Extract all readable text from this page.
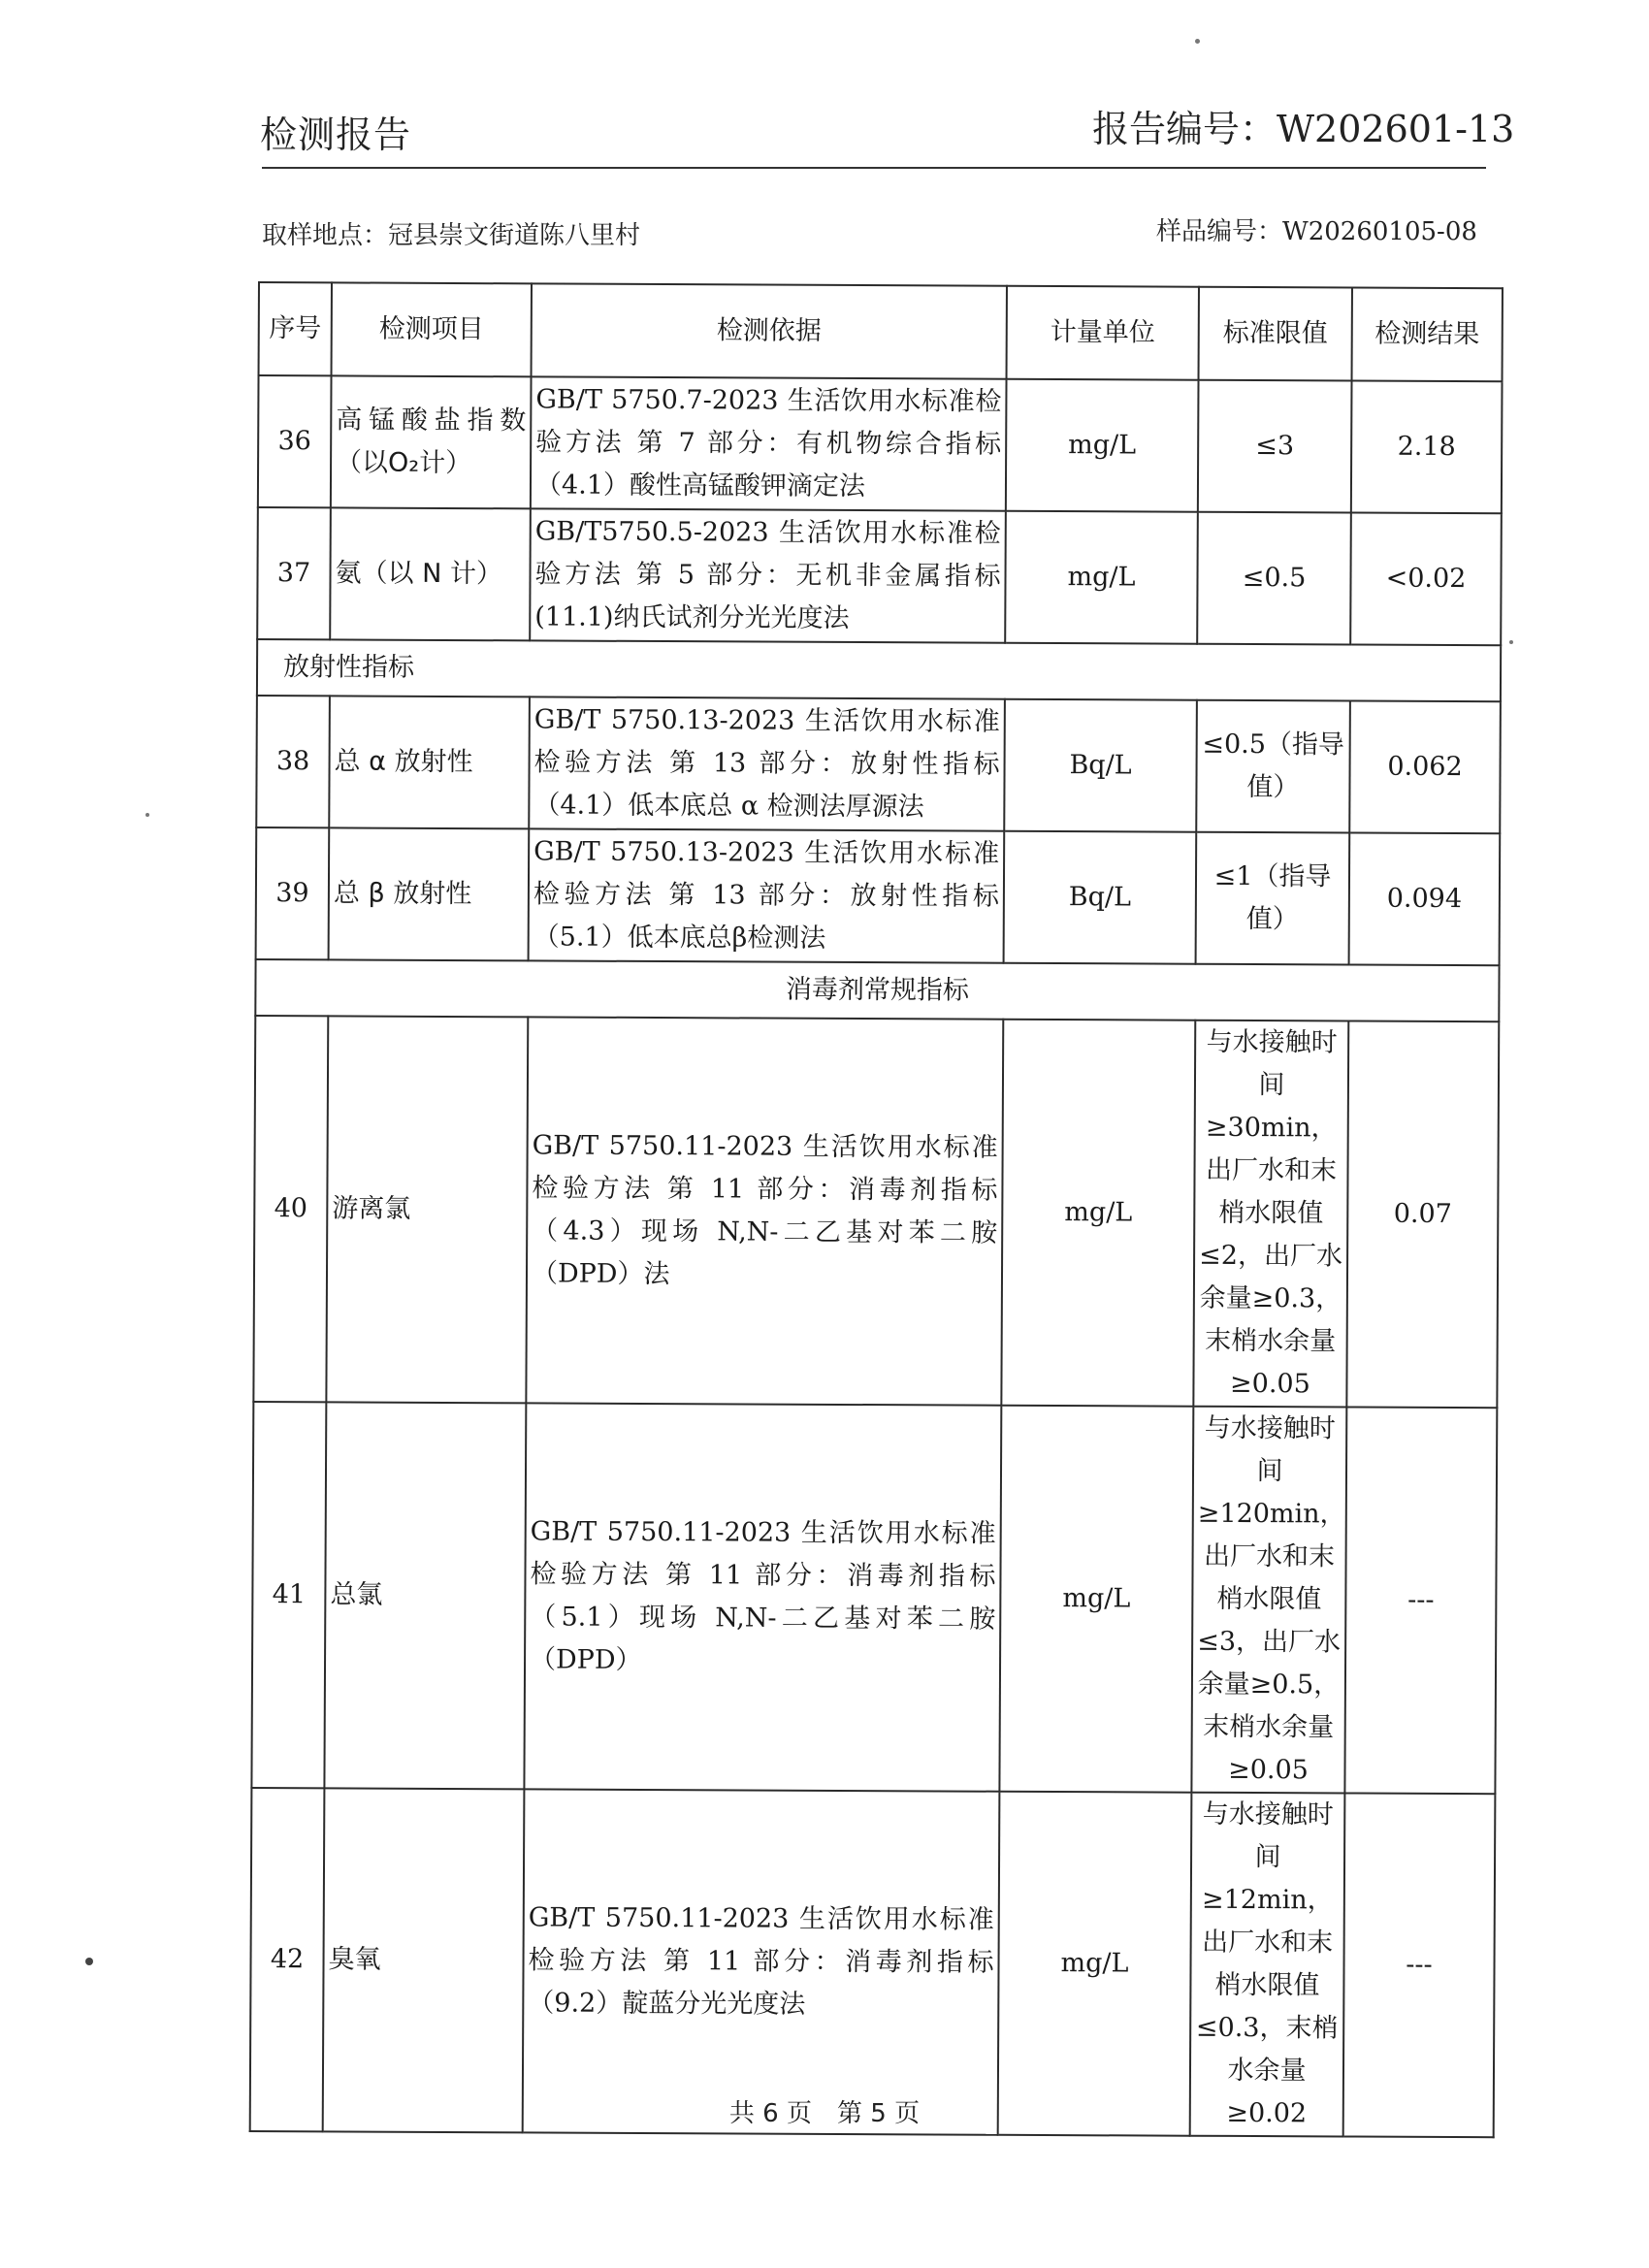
检测报告	报告编号：W202601-13
取样地点：冠县崇文街道陈八里村	样品编号：W20260105-08
序号	检测项目	检测依据	计量单位	标准限值	检测结果
36	高锰酸盐指数（以O₂计）	GB/T 5750.7-2023 生活饮用水标准检验方法 第 7 部分：有机物综合指标（4.1）酸性高锰酸钾滴定法	mg/L	≤3	2.18
37	氨（以 N 计）	GB/T5750.5-2023 生活饮用水标准检验方法 第 5 部分：无机非金属指标(11.1)纳氏试剂分光光度法	mg/L	≤0.5	<0.02
放射性指标					
38	总 α 放射性	GB/T 5750.13-2023 生活饮用水标准检验方法 第 13 部分：放射性指标（4.1）低本底总 α 检测法厚源法	Bq/L	≤0.5（指导值）	0.062
39	总 β 放射性	GB/T 5750.13-2023 生活饮用水标准检验方法 第 13 部分：放射性指标（5.1）低本底总β检测法	Bq/L	≤1（指导值）	0.094
消毒剂常规指标					
40	游离氯	GB/T 5750.11-2023 生活饮用水标准检验方法 第 11 部分：消毒剂指标（4.3）现场 N,N-二乙基对苯二胺（DPD）法	mg/L	与水接触时间≥30min，出厂水和末梢水限值≤2，出厂水余量≥0.3，末梢水余量≥0.05	0.07
41	总氯	GB/T 5750.11-2023 生活饮用水标准检验方法 第 11 部分：消毒剂指标（5.1）现场 N,N-二乙基对苯二胺（DPD）	mg/L	与水接触时间≥120min，出厂水和末梢水限值≤3，出厂水余量≥0.5，末梢水余量≥0.05	---
42	臭氧	GB/T 5750.11-2023 生活饮用水标准检验方法 第 11 部分：消毒剂指标（9.2）靛蓝分光光度法	mg/L	与水接触时间≥12min，出厂水和末梢水限值≤0.3，末梢水余量≥0.02	---
共 6 页　第 5 页
